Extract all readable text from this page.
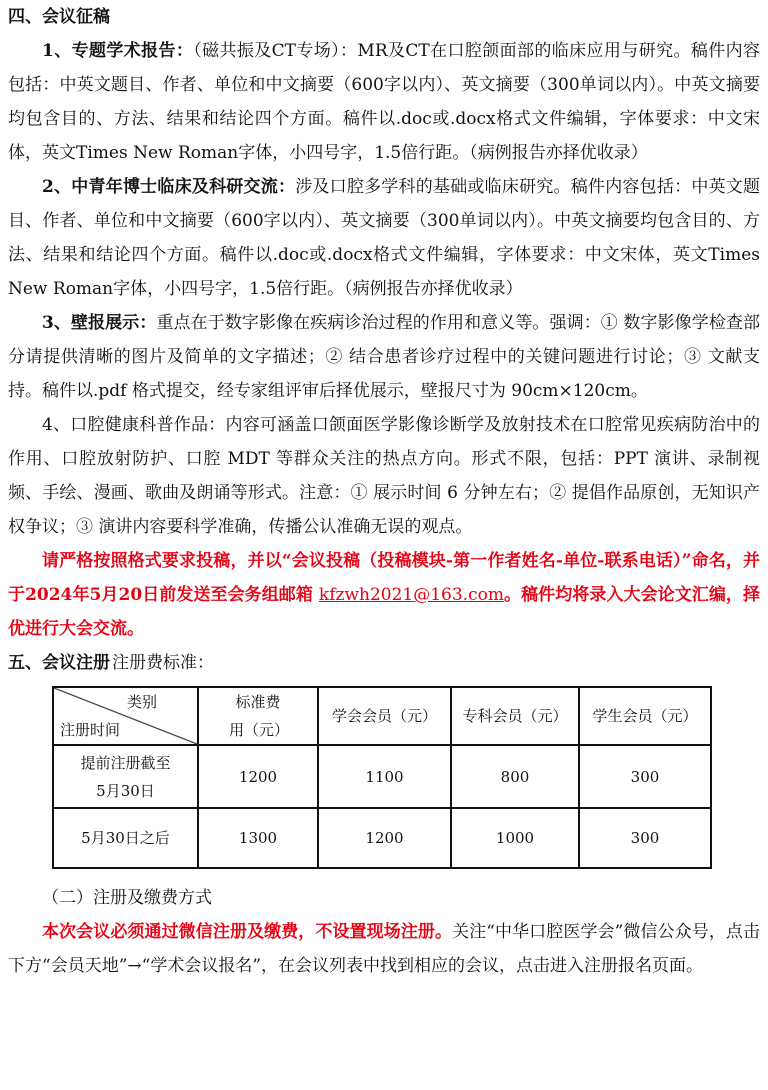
四、会议征稿

1、专题学术报告：（磁共振及CT专场）：MR及CT在口腔颌面部的临床应用与研究。稿件内容包括：中英文题目、作者、单位和中文摘要（600字以内）、英文摘要（300单词以内）。中英文摘要均包含目的、方法、结果和结论四个方面。稿件以.doc或.docx格式文件编辑，字体要求：中文宋体，英文Times New Roman字体，小四号字，1.5倍行距。（病例报告亦择优收录）

2、中青年博士临床及科研交流：涉及口腔多学科的基础或临床研究。稿件内容包括：中英文题目、作者、单位和中文摘要（600字以内）、英文摘要（300单词以内）。中英文摘要均包含目的、方法、结果和结论四个方面。稿件以.doc或.docx格式文件编辑，字体要求：中文宋体，英文Times New Roman字体，小四号字，1.5倍行距。（病例报告亦择优收录）

3、壁报展示：重点在于数字影像在疾病诊治过程的作用和意义等。强调：① 数字影像学检查部分请提供清晰的图片及简单的文字描述；② 结合患者诊疗过程中的关键问题进行讨论；③ 文献支持。稿件以.pdf 格式提交，经专家组评审后择优展示，壁报尺寸为 90cm×120cm。

4、口腔健康科普作品：内容可涵盖口颌面医学影像诊断学及放射技术在口腔常见疾病防治中的作用、口腔放射防护、口腔 MDT 等群众关注的热点方向。形式不限，包括：PPT 演讲、录制视频、手绘、漫画、歌曲及朗诵等形式。注意：① 展示时间 6 分钟左右；② 提倡作品原创，无知识产权争议；③ 演讲内容要科学准确，传播公认准确无误的观点。

请严格按照格式要求投稿，并以“会议投稿（投稿模块-第一作者姓名-单位-联系电话）”命名，并于2024年5月20日前发送至会务组邮箱 kfzwh2021@163.com。稿件均将录入大会论文汇编，择优进行大会交流。

五、会议注册 注册费标准：
类别
注册时间	标准费用（元）	学会会员（元）	专科会员（元）	学生会员（元）
提前注册截至5月30日	1200	1100	800	300
5月30日之后	1300	1200	1000	300

（二）注册及缴费方式

本次会议必须通过微信注册及缴费，不设置现场注册。关注“中华口腔医学会”微信公众号，点击下方“会员天地”→“学术会议报名”，在会议列表中找到相应的会议，点击进入注册报名页面。
